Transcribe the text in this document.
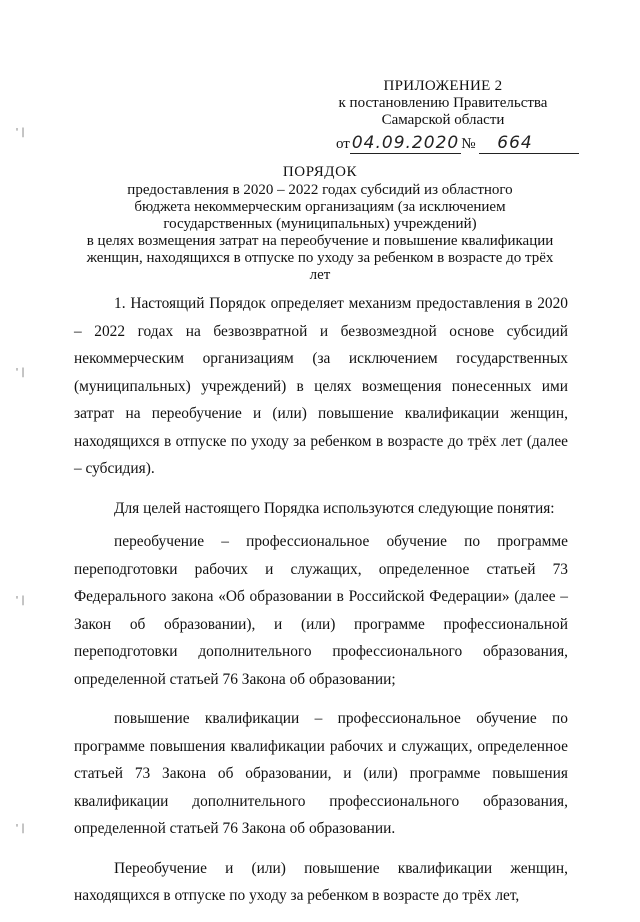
'|
'|
'|
'|
ПРИЛОЖЕНИЕ 2
к постановлению Правительства
Самарской области
от 04.09.2020 № 664
ПОРЯДОК
предоставления в 2020 – 2022 годах субсидий из областного
бюджета некоммерческим организациям (за исключением
государственных (муниципальных) учреждений)
в целях возмещения затрат на переобучение и повышение квалификации
женщин, находящихся в отпуске по уходу за ребенком в возрасте до трёх
лет

1. Настоящий Порядок определяет механизм предоставления в 2020 – 2022 годах на безвозвратной и безвозмездной основе субсидий некоммерческим организациям (за исключением государственных (муниципальных) учреждений) в целях возмещения понесенных ими затрат на переобучение и (или) повышение квалификации женщин, находящихся в отпуске по уходу за ребенком в возрасте до трёх лет (далее – субсидия).

Для целей настоящего Порядка используются следующие понятия:

переобучение – профессиональное обучение по программе переподготовки рабочих и служащих, определенное статьей 73 Федерального закона «Об образовании в Российской Федерации» (далее – Закон об образовании), и (или) программе профессиональной переподготовки дополнительного профессионального образования, определенной статьей 76 Закона об образовании;

повышение квалификации – профессиональное обучение по программе повышения квалификации рабочих и служащих, определенное статьей 73 Закона об образовании, и (или) программе повышения квалификации дополнительного профессионального образования, определенной статьей 76 Закона об образовании.

Переобучение и (или) повышение квалификации женщин, находящихся в отпуске по уходу за ребенком в возрасте до трёх лет,
